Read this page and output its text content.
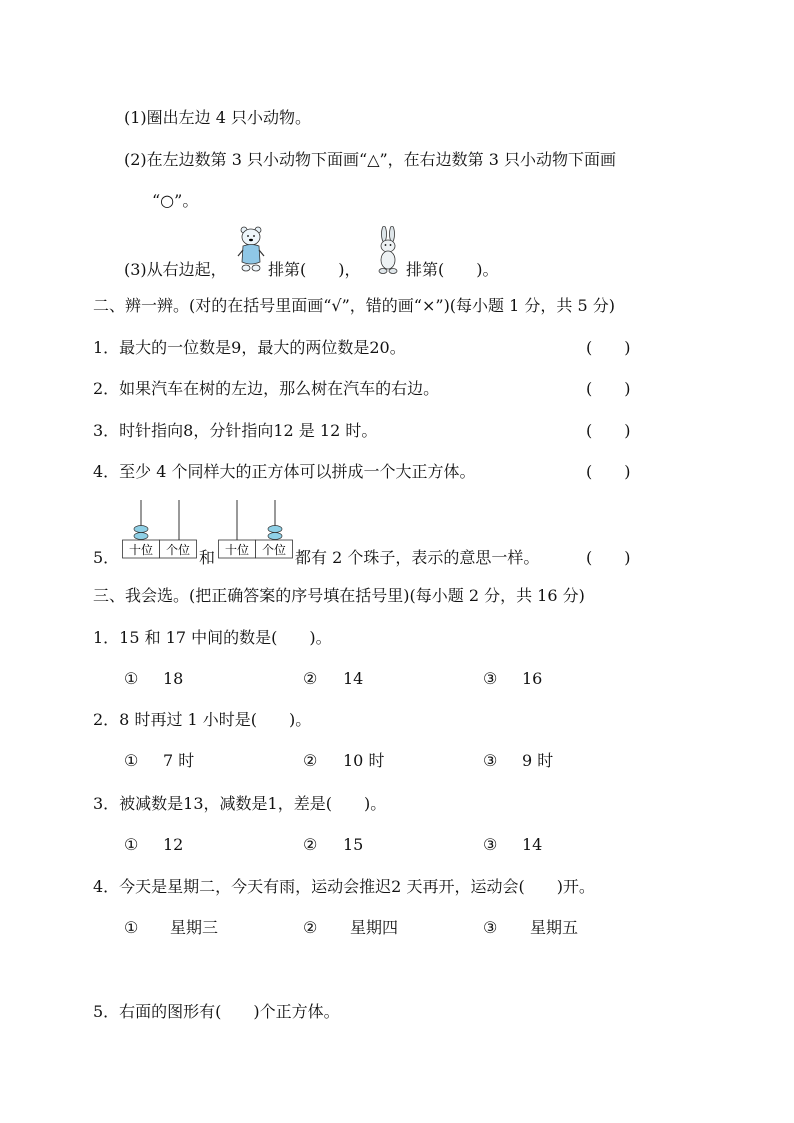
(1)圈出左边 4 只小动物。
(2)在左边数第 3 只小动物下面画“△”，在右边数第 3 只小动物下面画
“○”。
(3)从右边起，	排第(　　)，	排第(　　)。
二、辨一辨。(对的在括号里面画“√”，错的画“×”)(每小题 1 分，共 5 分)
1．最大的一位数是9，最大的两位数是20。	(　　)
2．如果汽车在树的左边，那么树在汽车的右边。	(　　)
3．时针指向8，分针指向12 是 12 时。	(　　)
4．至少 4 个同样大的正方体可以拼成一个大正方体。	(　　)
5． 十位 个位 和 十位 个位 都有 2 个珠子，表示的意思一样。	(　　)
三、我会选。(把正确答案的序号填在括号里)(每小题 2 分，共 16 分)
1．15 和 17 中间的数是(　　)。
① 18	② 14	③ 16
2．8 时再过 1 小时是(　　)。
① 7 时	② 10 时	③ 9 时
3．被减数是13，减数是1，差是(　　)。
① 12	② 15	③ 14
4．今天是星期二，今天有雨，运动会推迟2 天再开，运动会(　　)开。
① 星期三	② 星期四	③ 星期五
5．右面的图形有(　　)个正方体。
